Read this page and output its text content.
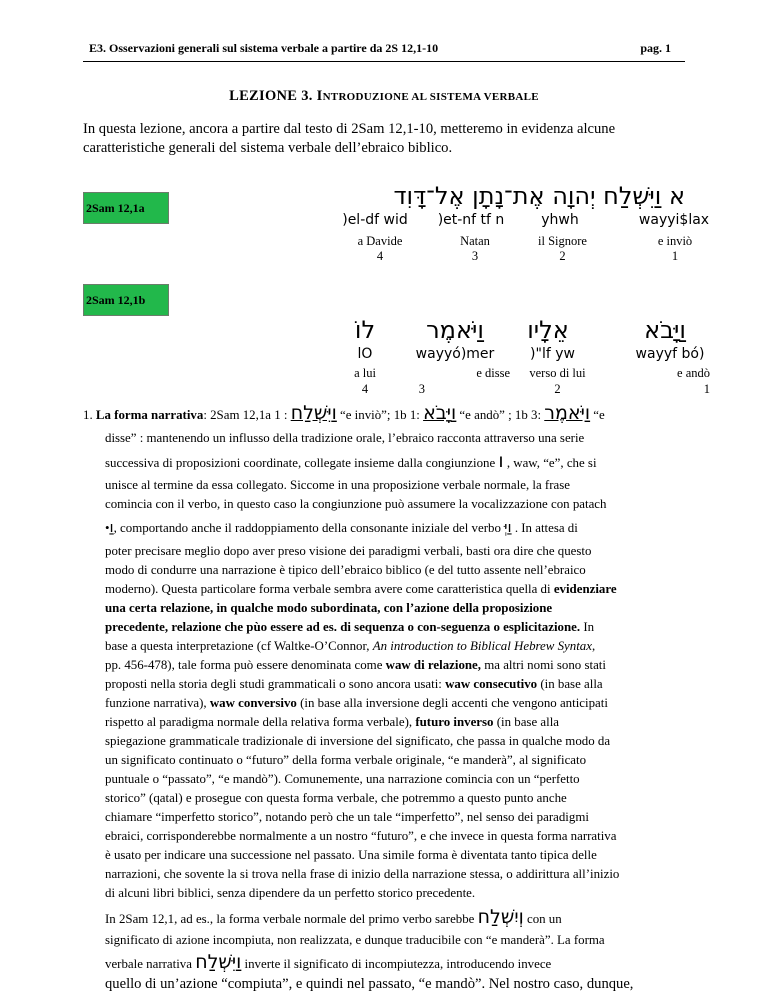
E3. Osservazioni generali sul sistema verbale a partire da 2S 12,1-10	pag. 1
LEZIONE 3. INTRODUZIONE AL SISTEMA VERBALE
In questa lezione, ancora a partire dal testo di 2Sam 12,1-10, metteremo in evidenza alcune
caratteristiche generali del sistema verbale dell’ebraico biblico.
2Sam 12,1a	א וַיִּשְׁלַח יְהוָה אֶת־נָתָן אֶל־דָּוִד
wayyi$lax
yhwh
)et-nf tf n
)el-df wid
e inviò
1
il Signore
2
Natan
3
a Davide
4
2Sam 12,1b
וַיָּבֹא
אֵלָיו
וַיֹּאמֶר
לוֹ
wayyf bó)
)"lf yw
wayyó)mer
lO
e andò
1
verso di lui
2
e disse
3
a lui
4
1. La forma narrativa: 2Sam 12,1a 1 : וַיִּשְׁלַח “e inviò”; 1b 1: וַיָּבֹא “e andò” ; 1b 3: וַיֹּאמֶר “e
disse” : mantenendo un influsso della tradizione orale, l’ebraico racconta attraverso una serie
successiva di proposizioni coordinate, collegate insieme dalla congiunzione ו , waw, “e”, che si
unisce al termine da essa collegato. Siccome in una proposizione verbale normale, la frase
comincia con il verbo, in questo caso la congiunzione può assumere la vocalizzazione con patach
•וַ, comportando anche il raddoppiamento della consonante iniziale del verbo וַיְּ . In attesa di
poter precisare meglio dopo aver preso visione dei paradigmi verbali, basti ora dire che questo
modo di condurre una narrazione è tipico dell’ebraico biblico (e del tutto assente nell’ebraico
moderno). Questa particolare forma verbale sembra avere come caratteristica quella di evidenziare
una certa relazione, in qualche modo subordinata, con l’azione della proposizione
precedente, relazione che pùo essere ad es. di sequenza o con-seguenza o esplicitazione. In
base a questa interpretazione (cf Waltke-O’Connor, An introduction to Biblical Hebrew Syntax,
pp. 456-478), tale forma può essere denominata come waw di relazione, ma altri nomi sono stati
proposti nella storia degli studi grammaticali o sono ancora usati: waw consecutivo (in base alla
funzione narrativa), waw conversivo (in base alla inversione degli accenti che vengono anticipati
rispetto al paradigma normale della relativa forma verbale), futuro inverso (in base alla
spiegazione grammaticale tradizionale di inversione del significato, che passa in qualche modo da
un significato continuato o “futuro” della forma verbale originale, “e manderà”, al significato
puntuale o “passato”, “e mandò”). Comunemente, una narrazione comincia con un “perfetto
storico” (qatal) e prosegue con questa forma verbale, che potremmo a questo punto anche
chiamare “imperfetto storico”, notando però che un tale “imperfetto”, nel senso dei paradigmi
ebraici, corrisponderebbe normalmente a un nostro “futuro”, e che invece in questa forma narrativa
è usato per indicare una successione nel passato. Una simile forma è diventata tanto tipica delle
narrazioni, che sovente la si trova nella frase di inizio della narrazione stessa, o addirittura all’inizio
di alcuni libri biblici, senza dipendere da un perfetto storico precedente.
In 2Sam 12,1, ad es., la forma verbale normale del primo verbo sarebbe וְיִשְׁלַח con un
significato di azione incompiuta, non realizzata, e dunque traducibile con “e manderà”. La forma
verbale narrativa וַיִּשְׁלַח inverte il significato di incompiutezza, introducendo invece
quello di un’azione “compiuta”, e quindi nel passato, “e mandò”. Nel nostro caso, dunque,
